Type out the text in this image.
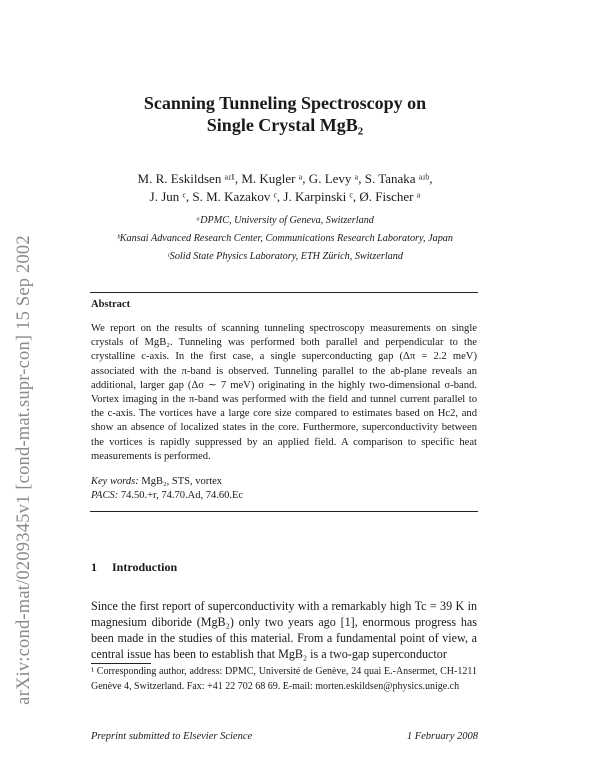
arXiv:cond-mat/0209345v1 [cond-mat.supr-con] 15 Sep 2002
Scanning Tunneling Spectroscopy on
Single Crystal MgB₂
M. R. Eskildsen ᵃʴ¹, M. Kugler ᵃ, G. Levy ᵃ, S. Tanaka ᵃʴᵇ,
J. Jun ᶜ, S. M. Kazakov ᶜ, J. Karpinski ᶜ, Ø. Fischer ᵃ
ᵃDPMC, University of Geneva, Switzerland
ᵇKansai Advanced Research Center, Communications Research Laboratory, Japan
ᶜSolid State Physics Laboratory, ETH Zürich, Switzerland
Abstract
We report on the results of scanning tunneling spectroscopy measurements on single crystals of MgB₂. Tunneling was performed both parallel and perpendicular to the crystalline c-axis. In the first case, a single superconducting gap (Δπ = 2.2 meV) associated with the π-band is observed. Tunneling parallel to the ab-plane reveals an additional, larger gap (Δσ ∼ 7 meV) originating in the highly two-dimensional σ-band. Vortex imaging in the π-band was performed with the field and tunnel current parallel to the c-axis. The vortices have a large core size compared to estimates based on Hc2, and show an absence of localized states in the core. Furthermore, superconductivity between the vortices is rapidly suppressed by an applied field. A comparison to specific heat measurements is performed.
Key words: MgB₂, STS, vortex
PACS: 74.50.+r, 74.70.Ad, 74.60.Ec
1 Introduction
Since the first report of superconductivity with a remarkably high Tc = 39 K in magnesium diboride (MgB₂) only two years ago [1], enormous progress has been made in the studies of this material. From a fundamental point of view, a central issue has been to establish that MgB₂ is a two-gap superconductor
¹ Corresponding author, address: DPMC, Université de Genève, 24 quai E.-Ansermet, CH-1211 Genève 4, Switzerland. Fax: +41 22 702 68 69. E-mail: morten.eskildsen@physics.unige.ch
Preprint submitted to Elsevier Science	1 February 2008
